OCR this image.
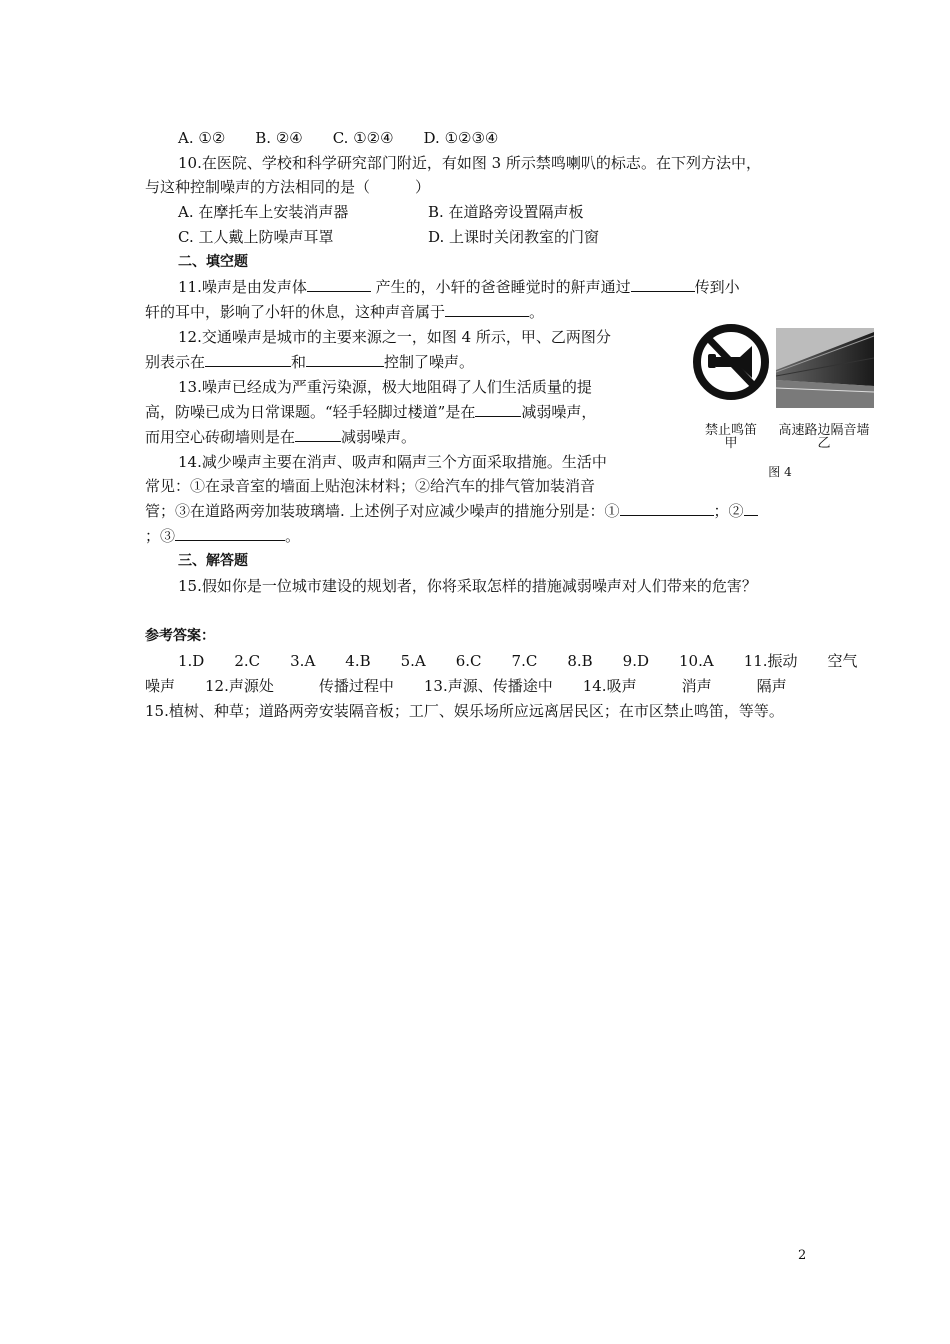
A. ①②　　B. ②④　　C. ①②④　　D. ①②③④
10.在医院、学校和科学研究部门附近，有如图 3 所示禁鸣喇叭的标志。在下列方法中，
与这种控制噪声的方法相同的是（　　　）
A. 在摩托车上安装消声器	B. 在道路旁设置隔声板
C. 工人戴上防噪声耳罩	D. 上课时关闭教室的门窗
二、填空题
11.噪声是由发声体	产生的，小轩的爸爸睡觉时的鼾声通过	传到小
轩的耳中，影响了小轩的休息，这种声音属于	。
12.交通噪声是城市的主要来源之一，如图 4 所示，甲、乙两图分
别表示在	和	控制了噪声。
13.噪声已经成为严重污染源，极大地阻碍了人们生活质量的提
高，防噪已成为日常课题。“轻手轻脚过楼道”是在	减弱噪声，
而用空心砖砌墙则是在	减弱噪声。
14.减少噪声主要在消声、吸声和隔声三个方面采取措施。生活中
常见：①在录音室的墙面上贴泡沫材料；②给汽车的排气管加装消音
管；③在道路两旁加装玻璃墙. 上述例子对应减少噪声的措施分别是：①	；②
；③	。
禁止鸣笛
甲
高速路边隔音墙
乙
图 4
三、解答题
15.假如你是一位城市建设的规划者，你将采取怎样的措施减弱噪声对人们带来的危害？
参考答案：
1.D　　2.C　　3.A　　4.B　　5.A　　6.C　　7.C　　8.B　　9.D　　10.A　　11.振动　　空气
噪声　　12.声源处　　　传播过程中　　13.声源、传播途中　　14.吸声　　　消声　　　隔声
15.植树、种草；道路两旁安装隔音板；工厂、娱乐场所应远离居民区；在市区禁止鸣笛，等等。
2
